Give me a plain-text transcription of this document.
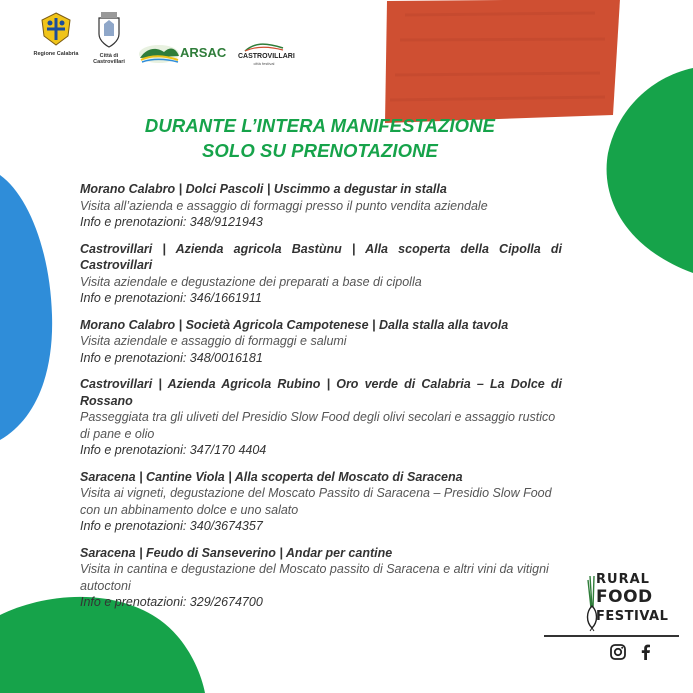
Regione Calabria	Città di
Castrovillari
ARSAC CASTROVILLARI
città festival
DURANTE L’INTERA MANIFESTAZIONE
SOLO SU PRENOTAZIONE
Morano Calabro | Dolci Pascoli | Uscimmo a degustar in stalla
Visita all’azienda e assaggio di formaggi presso il punto vendita aziendale
Info e prenotazioni: 348/9121943
Castrovillari | Azienda agricola Bastùnu | Alla scoperta della Cipolla di Castrovillari
Visita aziendale e degustazione dei preparati a base di cipolla
Info e prenotazioni: 346/1661911
Morano Calabro | Società Agricola Campotenese | Dalla stalla alla tavola
Visita aziendale e assaggio di formaggi e salumi
Info e prenotazioni: 348/0016181
Castrovillari | Azienda Agricola Rubino | Oro verde di Calabria – La Dolce di Rossano
Passeggiata tra gli uliveti del Presidio Slow Food degli olivi secolari e assaggio rustico di pane e olio
Info e prenotazioni: 347/170 4404
Saracena | Cantine Viola | Alla scoperta del Moscato di Saracena
Visita ai vigneti, degustazione del Moscato Passito di Saracena – Presidio Slow Food con un abbinamento dolce e uno salato
Info e prenotazioni: 340/3674357
Saracena | Feudo di Sanseverino | Andar per cantine
Visita in cantina e degustazione del Moscato passito di Saracena e altri vini da vitigni autoctoni
Info e prenotazioni: 329/2674700
RURAL
FOOD
FESTIVAL
